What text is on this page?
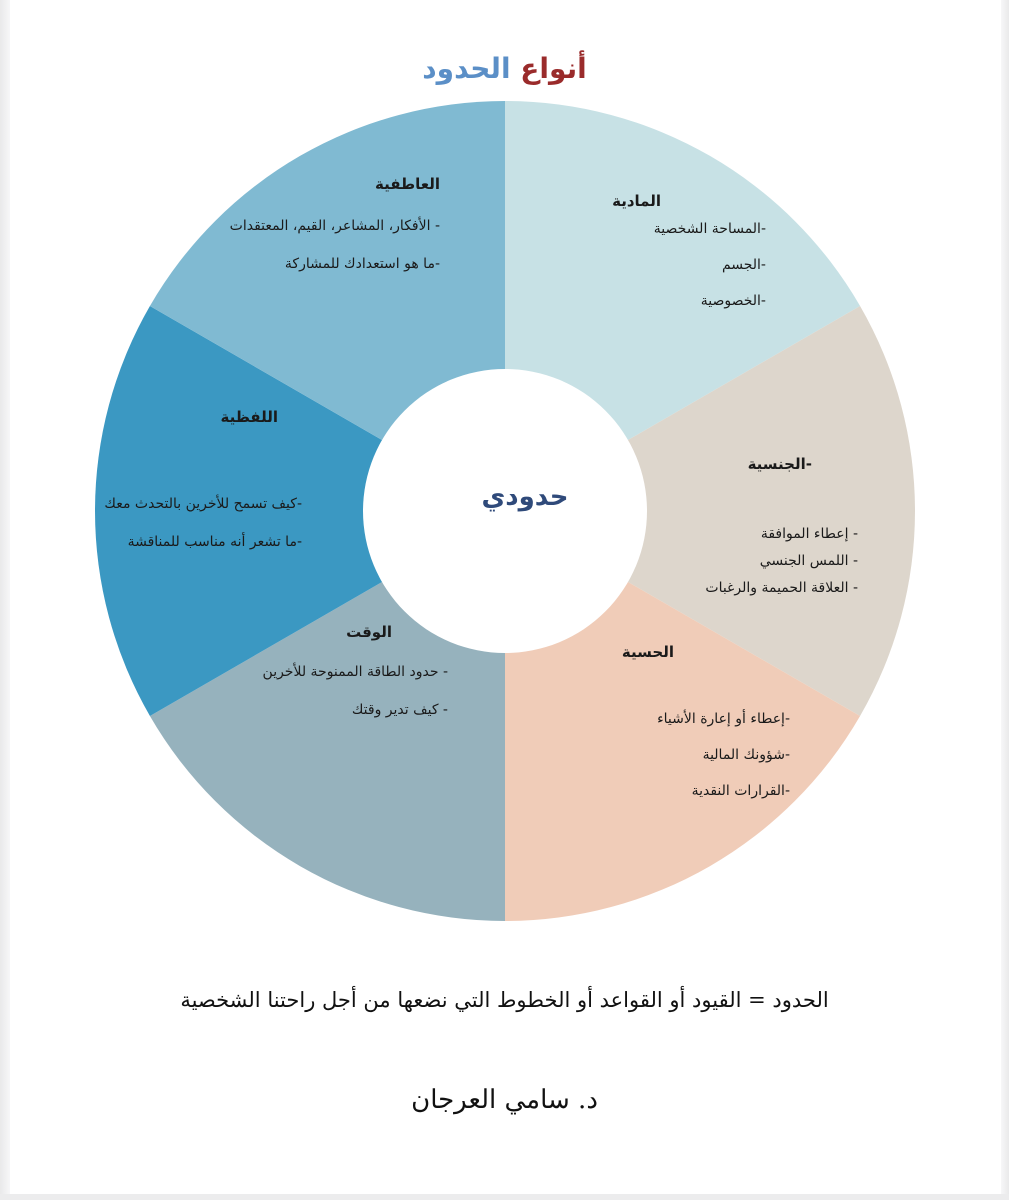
أنواع الحدود
حدودي
المادية
-المساحة الشخصية
-الجسم
-الخصوصية
-الجنسية
- إعطاء الموافقة
- اللمس الجنسي
- العلاقة الحميمة والرغبات
الحسية
-إعطاء أو إعارة الأشياء
-شؤونك المالية
-القرارات النقدية
الوقت
- حدود الطاقة الممنوحة للأخرين
- كيف تدير وقتك
اللفظية
-كيف تسمح للأخرين بالتحدث معك
-ما تشعر أنه مناسب للمناقشة
العاطفية
- الأفكار، المشاعر، القيم، المعتقدات
-ما هو استعدادك للمشاركة
الحدود = القيود أو القواعد أو الخطوط التي نضعها من أجل راحتنا الشخصية
د. سامي العرجان
